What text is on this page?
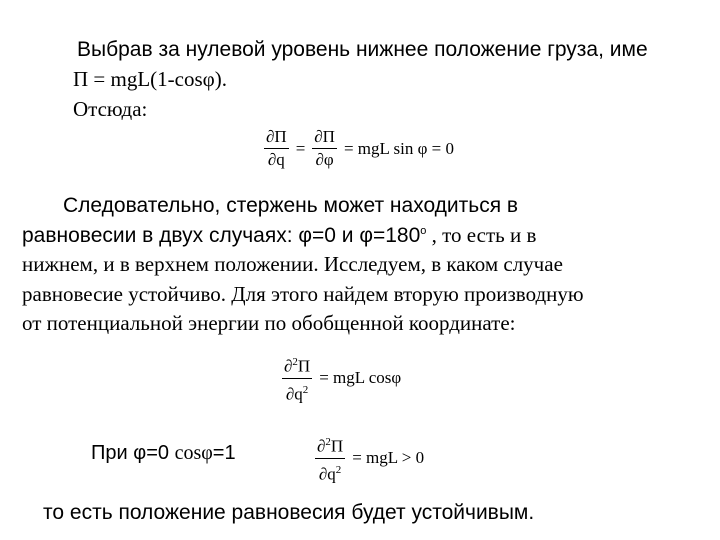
Выбрав за нулевой уровень нижнее положение груза, име
Π = mgL(1-cosφ).
Отсюда:
$\frac{\partial\Pi}{\partial q} = \frac{\partial\Pi}{\partial\varphi}$ = mgL sin φ = 0
Следовательно, стержень может находиться в
равновесии в двух случаях: φ=0 и $\varphi=180^о$ , то есть и в
нижнем, и в верхнем положении. Исследуем, в каком случае
равновесие устойчиво. Для этого найдем вторую производную
от потенциальной энергии по обобщенной координате:
$\frac{\partial^2\Pi}{\partial q^2}$ = mgL cosφ
При φ=0 cosφ=1	$\frac{\partial^2\Pi}{\partial q^2}$ = mgL > 0
то есть положение равновесия будет устойчивым.
